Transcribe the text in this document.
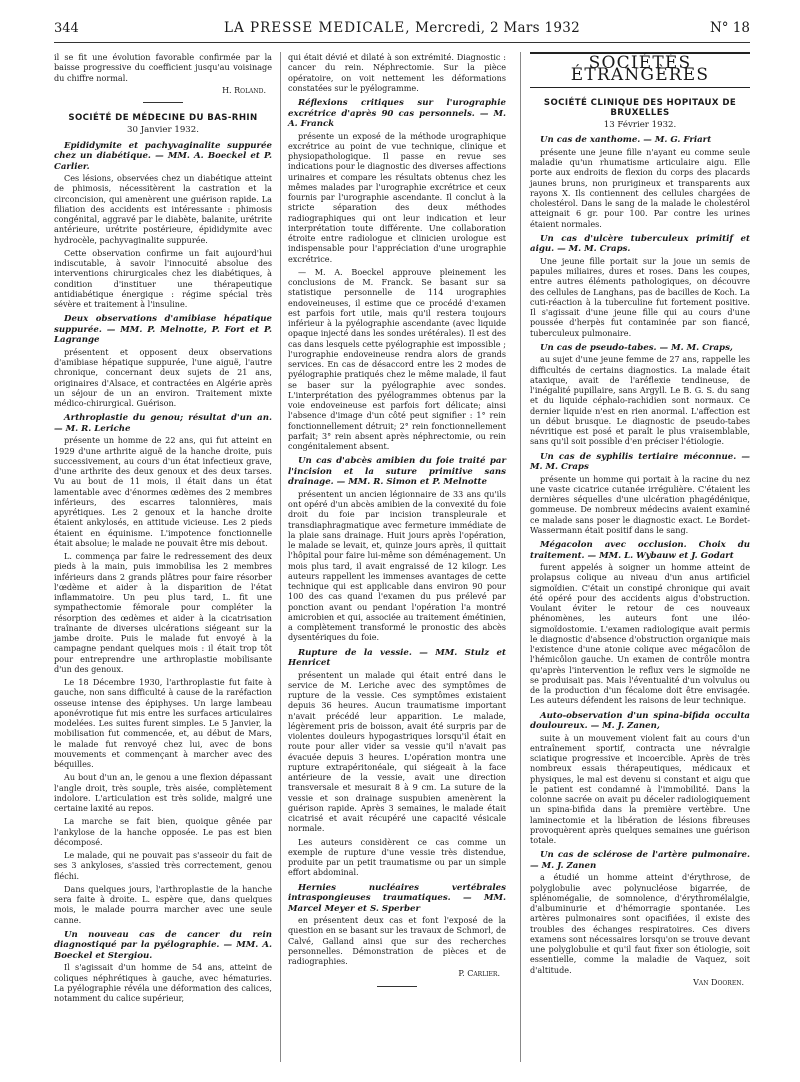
344	LA PRESSE MEDICALE, Mercredi, 2 Mars 1932	N° 18

il se fit une évolution favorable confirmée par la baisse progressive du coefficient jusqu'au voisinage du chiffre normal.

H. Roland.
SOCIÉTÉ DE MÉDECINE DU BAS-RHIN
30 Janvier 1932.
Epididymite et pachyvaginalite suppurée chez un diabétique. — MM. A. Boeckel et P. Carlier.

Ces lésions, observées chez un diabétique atteint de phimosis, nécessitèrent la castration et la circoncision, qui amenèrent une guérison rapide. La filiation des accidents est intéressante : phimosis congénital, aggravé par le diabète, balanite, urétrite antérieure, urétrite postérieure, épididymite avec hydrocèle, pachyvaginalite suppurée.

Cette observation confirme un fait aujourd'hui indiscutable, à savoir l'innocuité absolue des interventions chirurgicales chez les diabétiques, à condition d'instituer une thérapeutique antidiabétique énergique : régime spécial très sévère et traitement à l'insuline.

Deux observations d'amibiase hépatique suppurée. — MM. P. Melnotte, P. Fort et P. Lagrange

présentent et opposent deux observations d'amibiase hépatique suppurée, l'une aiguë, l'autre chronique, concernant deux sujets de 21 ans, originaires d'Alsace, et contractées en Algérie après un séjour de un an environ. Traitement mixte médico-chirurgical. Guérison.

Arthroplastie du genou; résultat d'un an. — M. R. Leriche

présente un homme de 22 ans, qui fut atteint en 1929 d'une arthrite aiguë de la hanche droite, puis successivement, au cours d'un état infectieux grave, d'une arthrite des deux genoux et des deux tarses. Vu au bout de 11 mois, il était dans un état lamentable avec d'énormes œdèmes des 2 membres inférieurs, des escarres talonnières, mais apyrétiques. Les 2 genoux et la hanche droite étaient ankylosés, en attitude vicieuse. Les 2 pieds étaient en équinisme. L'impotence fonctionnelle était absolue; le malade ne pouvait être mis debout.

L. commença par faire le redressement des deux pieds à la main, puis immobilisa les 2 membres inférieurs dans 2 grands plâtres pour faire résorber l'œdème et aider à la disparition de l'état inflammatoire. Un peu plus tard, L. fit une sympathectomie fémorale pour compléter la résorption des œdèmes et aider à la cicatrisation traînante de diverses ulcérations siégeant sur la jambe droite. Puis le malade fut envoyé à la campagne pendant quelques mois : il était trop tôt pour entreprendre une arthroplastie mobilisante d'un des genoux.

Le 18 Décembre 1930, l'arthroplastie fut faite à gauche, non sans difficulté à cause de la raréfaction osseuse intense des épiphyses. Un large lambeau aponévrotique fut mis entre les surfaces articulaires modelées. Les suites furent simples. Le 5 Janvier, la mobilisation fut commencée, et, au début de Mars, le malade fut renvoyé chez lui, avec de bons mouvements et commençant à marcher avec des béquilles.

Au bout d'un an, le genou a une flexion dépassant l'angle droit, très souple, très aisée, complètement indolore. L'articulation est très solide, malgré une certaine laxité au repos.

La marche se fait bien, quoique gênée par l'ankylose de la hanche opposée. Le pas est bien décomposé.

Le malade, qui ne pouvait pas s'asseoir du fait de ses 3 ankyloses, s'assied très correctement, genou fléchi.

Dans quelques jours, l'arthroplastie de la hanche sera faite à droite. L. espère que, dans quelques mois, le malade pourra marcher avec une seule canne.

Un nouveau cas de cancer du rein diagnostiqué par la pyélographie. — MM. A. Boeckel et Stergiou.

Il s'agissait d'un homme de 54 ans, atteint de coliques néphrétiques à gauche, avec hématuries. La pyélographie révéla une déformation des calices, notamment du calice supérieur,

qui était dévié et dilaté à son extrémité. Diagnostic : cancer du rein. Néphrectomie. Sur la pièce opératoire, on voit nettement les déformations constatées sur le pyélogramme.

Réflexions critiques sur l'urographie excrétrice d'après 90 cas personnels. — M. A. Franck

présente un exposé de la méthode urographique excrétrice au point de vue technique, clinique et physiopathologique. Il passe en revue ses indications pour le diagnostic des diverses affections urinaires et compare les résultats obtenus chez les mêmes malades par l'urographie excrétrice et ceux fournis par l'urographie ascendante. Il conclut à la stricte séparation des deux méthodes radiographiques qui ont leur indication et leur interprétation toute différente. Une collaboration étroite entre radiologue et clinicien urologue est indispensable pour l'appréciation d'une urographie excrétrice.

— M. A. Boeckel approuve pleinement les conclusions de M. Franck. Se basant sur sa statistique personnelle de 114 urographies endoveineuses, il estime que ce procédé d'examen est parfois fort utile, mais qu'il restera toujours inférieur à la pyélographie ascendante (avec liquide opaque injecté dans les sondes urétérales). Il est des cas dans lesquels cette pyélographie est impossible ; l'urographie endoveineuse rendra alors de grands services. En cas de désaccord entre les 2 modes de pyélographie pratiqués chez le même malade, il faut se baser sur la pyélographie avec sondes. L'interprétation des pyélogrammes obtenus par la voie endoveineuse est parfois fort délicate; ainsi l'absence d'image d'un côté peut signifier : 1° rein fonctionnellement détruit; 2° rein fonctionnellement parfait; 3° rein absent après néphrectomie, ou rein congénitalement absent.

Un cas d'abcès amibien du foie traité par l'incision et la suture primitive sans drainage. — MM. R. Simon et P. Melnotte

présentent un ancien légionnaire de 33 ans qu'ils ont opéré d'un abcès amibien de la convexité du foie droit du foie par incision transpleurale et transdiaphragmatique avec fermeture immédiate de la plaie sans drainage. Huit jours après l'opération, le malade se levait, et, quinze jours après, il quittait l'hôpital pour faire lui-même son déménagement. Un mois plus tard, il avait engraissé de 12 kilogr. Les auteurs rappellent les immenses avantages de cette technique qui est applicable dans environ 90 pour 100 des cas quand l'examen du pus prélevé par ponction avant ou pendant l'opération l'a montré amicrobien et qui, associée au traitement émétinien, a complètement transformé le pronostic des abcès dysentériques du foie.

Rupture de la vessie. — MM. Stulz et Henricet

présentent un malade qui était entré dans le service de M. Leriche avec des symptômes de rupture de la vessie. Ces symptômes existaient depuis 36 heures. Aucun traumatisme important n'avait précédé leur apparition. Le malade, légèrement pris de boisson, avait été surpris par de violentes douleurs hypogastriques lorsqu'il était en route pour aller vider sa vessie qu'il n'avait pas évacuée depuis 3 heures. L'opération montra une rupture extrapéritonéale, qui siégeait à la face antérieure de la vessie, avait une direction transversale et mesurait 8 à 9 cm. La suture de la vessie et son drainage suspubien amenèrent la guérison rapide. Après 3 semaines, le malade était cicatrisé et avait récupéré une capacité vésicale normale.

Les auteurs considèrent ce cas comme un exemple de rupture d'une vessie très distendue, produite par un petit traumatisme ou par un simple effort abdominal.

Hernies nucléaires vertébrales intraspongieuses traumatiques. — MM. Marcel Meyer et S. Sperber

en présentent deux cas et font l'exposé de la question en se basant sur les travaux de Schmorl, de Calvé, Galland ainsi que sur des recherches personnelles. Démonstration de pièces et de radiographies.

P. Carlier.
SOCIÉTÉS ÉTRANGÈRES
SOCIÉTÉ CLINIQUE DES HOPITAUX DE BRUXELLES
13 Février 1932.
Un cas de xanthome. — M. G. Friart

présente une jeune fille n'ayant eu comme seule maladie qu'un rhumatisme articulaire aigu. Elle porte aux endroits de flexion du corps des placards jaunes bruns, non prurigineux et transparents aux rayons X. Ils contiennent des cellules chargées de cholestérol. Dans le sang de la malade le cholestérol atteignait 6 gr. pour 100. Par contre les urines étaient normales.

Un cas d'ulcère tuberculeux primitif et aigu. — M. M. Craps.

Une jeune fille portait sur la joue un semis de papules miliaires, dures et roses. Dans les coupes, entre autres éléments pathologiques, on découvre des cellules de Langhans, pas de bacilles de Koch. La cuti-réaction à la tuberculine fut fortement positive. Il s'agissait d'une jeune fille qui au cours d'une poussée d'herpès fut contaminée par son fiancé, tuberculeux pulmonaire.

Un cas de pseudo-tabes. — M. M. Craps,

au sujet d'une jeune femme de 27 ans, rappelle les difficultés de certains diagnostics. La malade était ataxique, avait de l'aréflexie tendineuse, de l'inégalité pupillaire, sans Argyll. Le B. G. S. du sang et du liquide céphalo-rachidien sont normaux. Ce dernier liquide n'est en rien anormal. L'affection est un début brusque. Le diagnostic de pseudo-tabes névritique est posé et paraît le plus vraisemblable, sans qu'il soit possible d'en préciser l'étiologie.

Un cas de syphilis tertiaire méconnue. — M. M. Craps

présente un homme qui portait à la racine du nez une vaste cicatrice cutanée irrégulière. C'étaient les dernières séquelles d'une ulcération phagédénique, gommeuse. De nombreux médecins avaient examiné ce malade sans poser le diagnostic exact. Le Bordet-Wassermann était positif dans le sang.

Mégacolon avec occlusion. Choix du traitement. — MM. L. Wybauw et J. Godart

furent appelés à soigner un homme atteint de prolapsus colique au niveau d'un anus artificiel sigmoïdien. C'était un constipé chronique qui avait été opéré pour des accidents aigus d'obstruction. Voulant éviter le retour de ces nouveaux phénomènes, les auteurs font une iléo-sigmoïdostomie. L'examen radiologique avait permis le diagnostic d'absence d'obstruction organique mais l'existence d'une atonie colique avec mégacôlon de l'hémicôlon gauche. Un examen de contrôle montra qu'après l'intervention le reflux vers le sigmoïde ne se produisait pas. Mais l'éventualité d'un volvulus ou de la production d'un fécalome doit être envisagée. Les auteurs défendent les raisons de leur technique.

Auto-observation d'un spina-bifida occulta douloureux. — M. J. Zanen,

suite à un mouvement violent fait au cours d'un entraînement sportif, contracta une névralgie sciatique progressive et incoercible. Après de très nombreux essais thérapeutiques, médicaux et physiques, le mal est devenu si constant et aigu que le patient est condamné à l'immobilité. Dans la colonne sacrée on avait pu déceler radiologiquement un spina-bifida dans la première vertèbre. Une laminectomie et la libération de lésions fibreuses provoquèrent après quelques semaines une guérison totale.

Un cas de sclérose de l'artère pulmonaire. — M. J. Zanen

a étudié un homme atteint d'érythrose, de polyglobulie avec polynucléose bigarrée, de splénomégalie, de somnolence, d'érythromélalgie, d'albuminurie et d'hémorragie spontanée. Les artères pulmonaires sont opacifiées, il existe des troubles des échanges respiratoires. Ces divers examens sont nécessaires lorsqu'on se trouve devant une polyglobulie et qu'il faut fixer son étiologie, soit essentielle, comme la maladie de Vaquez, soit d'altitude.

Van Dooren.
